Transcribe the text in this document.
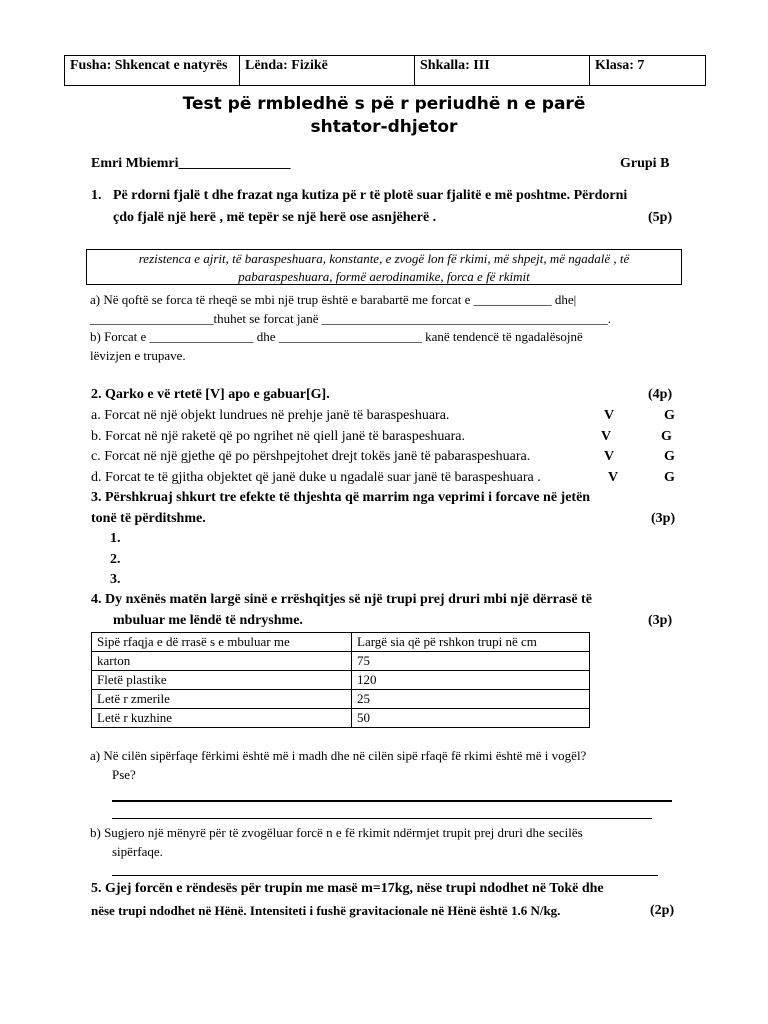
Fusha: Shkencat e natyrës	Lënda: Fizikë	Shkalla: III	Klasa: 7
Test pë rmbledhë s pë r periudhë n e parë
shtator-dhjetor
Emri Mbiemri________________	Grupi B
1. Pë rdorni fjalë t dhe frazat nga kutiza pë r të plotë suar fjalitë e më poshtme. Përdorni
çdo fjalë një herë , më tepër se një herë ose asnjëherë .	(5p)
rezistenca e ajrit, të baraspeshuara, konstante, e zvogë lon fë rkimi, më shpejt, më ngadalë , të
pabaraspeshuara, formë aerodinamike, forca e fë rkimit
a) Në qoftë se forca të rheqë se mbi një trup është e barabartë me forcat e ____________ dhe|
___________________thuhet se forcat janë ____________________________________________.
b) Forcat e ________________ dhe ______________________ kanë tendencë të ngadalësojnë
lëvizjen e trupave.
2. Qarko e vë rtetë [V] apo e gabuar[G].	(4p)
a. Forcat në një objekt lundrues në prehje janë të baraspeshuara.	V	G
b. Forcat në një raketë që po ngrihet në qiell janë të baraspeshuara.	V	G
c. Forcat në një gjethe që po përshpejtohet drejt tokës janë të pabaraspeshuara.	V	G
d. Forcat te të gjitha objektet që janë duke u ngadalë suar janë të baraspeshuara .	V	G
3. Përshkruaj shkurt tre efekte të thjeshta që marrim nga veprimi i forcave në jetën
tonë të përditshme.	(3p)
1.
2.
3.
4. Dy nxënës matën largë sinë e rrëshqitjes së një trupi prej druri mbi një dërrasë të
mbuluar me lëndë të ndryshme.	(3p)
Sipë rfaqja e dë rrasë s e mbuluar me	Largë sia që pë rshkon trupi në cm
karton	75
Fletë plastike	120
Letë r zmerile	25
Letë r kuzhine	50
a) Në cilën sipërfaqe fërkimi është më i madh dhe në cilën sipë rfaqë fë rkimi është më i vogël?
Pse?
b) Sugjero një mënyrë për të zvogëluar forcë n e fë rkimit ndërmjet trupit prej druri dhe secilës
sipërfaqe.
5. Gjej forcën e rëndesës për trupin me masë m=17kg, nëse trupi ndodhet në Tokë dhe
nëse trupi ndodhet në Hënë. Intensiteti i fushë gravitacionale në Hënë është 1.6 N/kg.	(2p)
